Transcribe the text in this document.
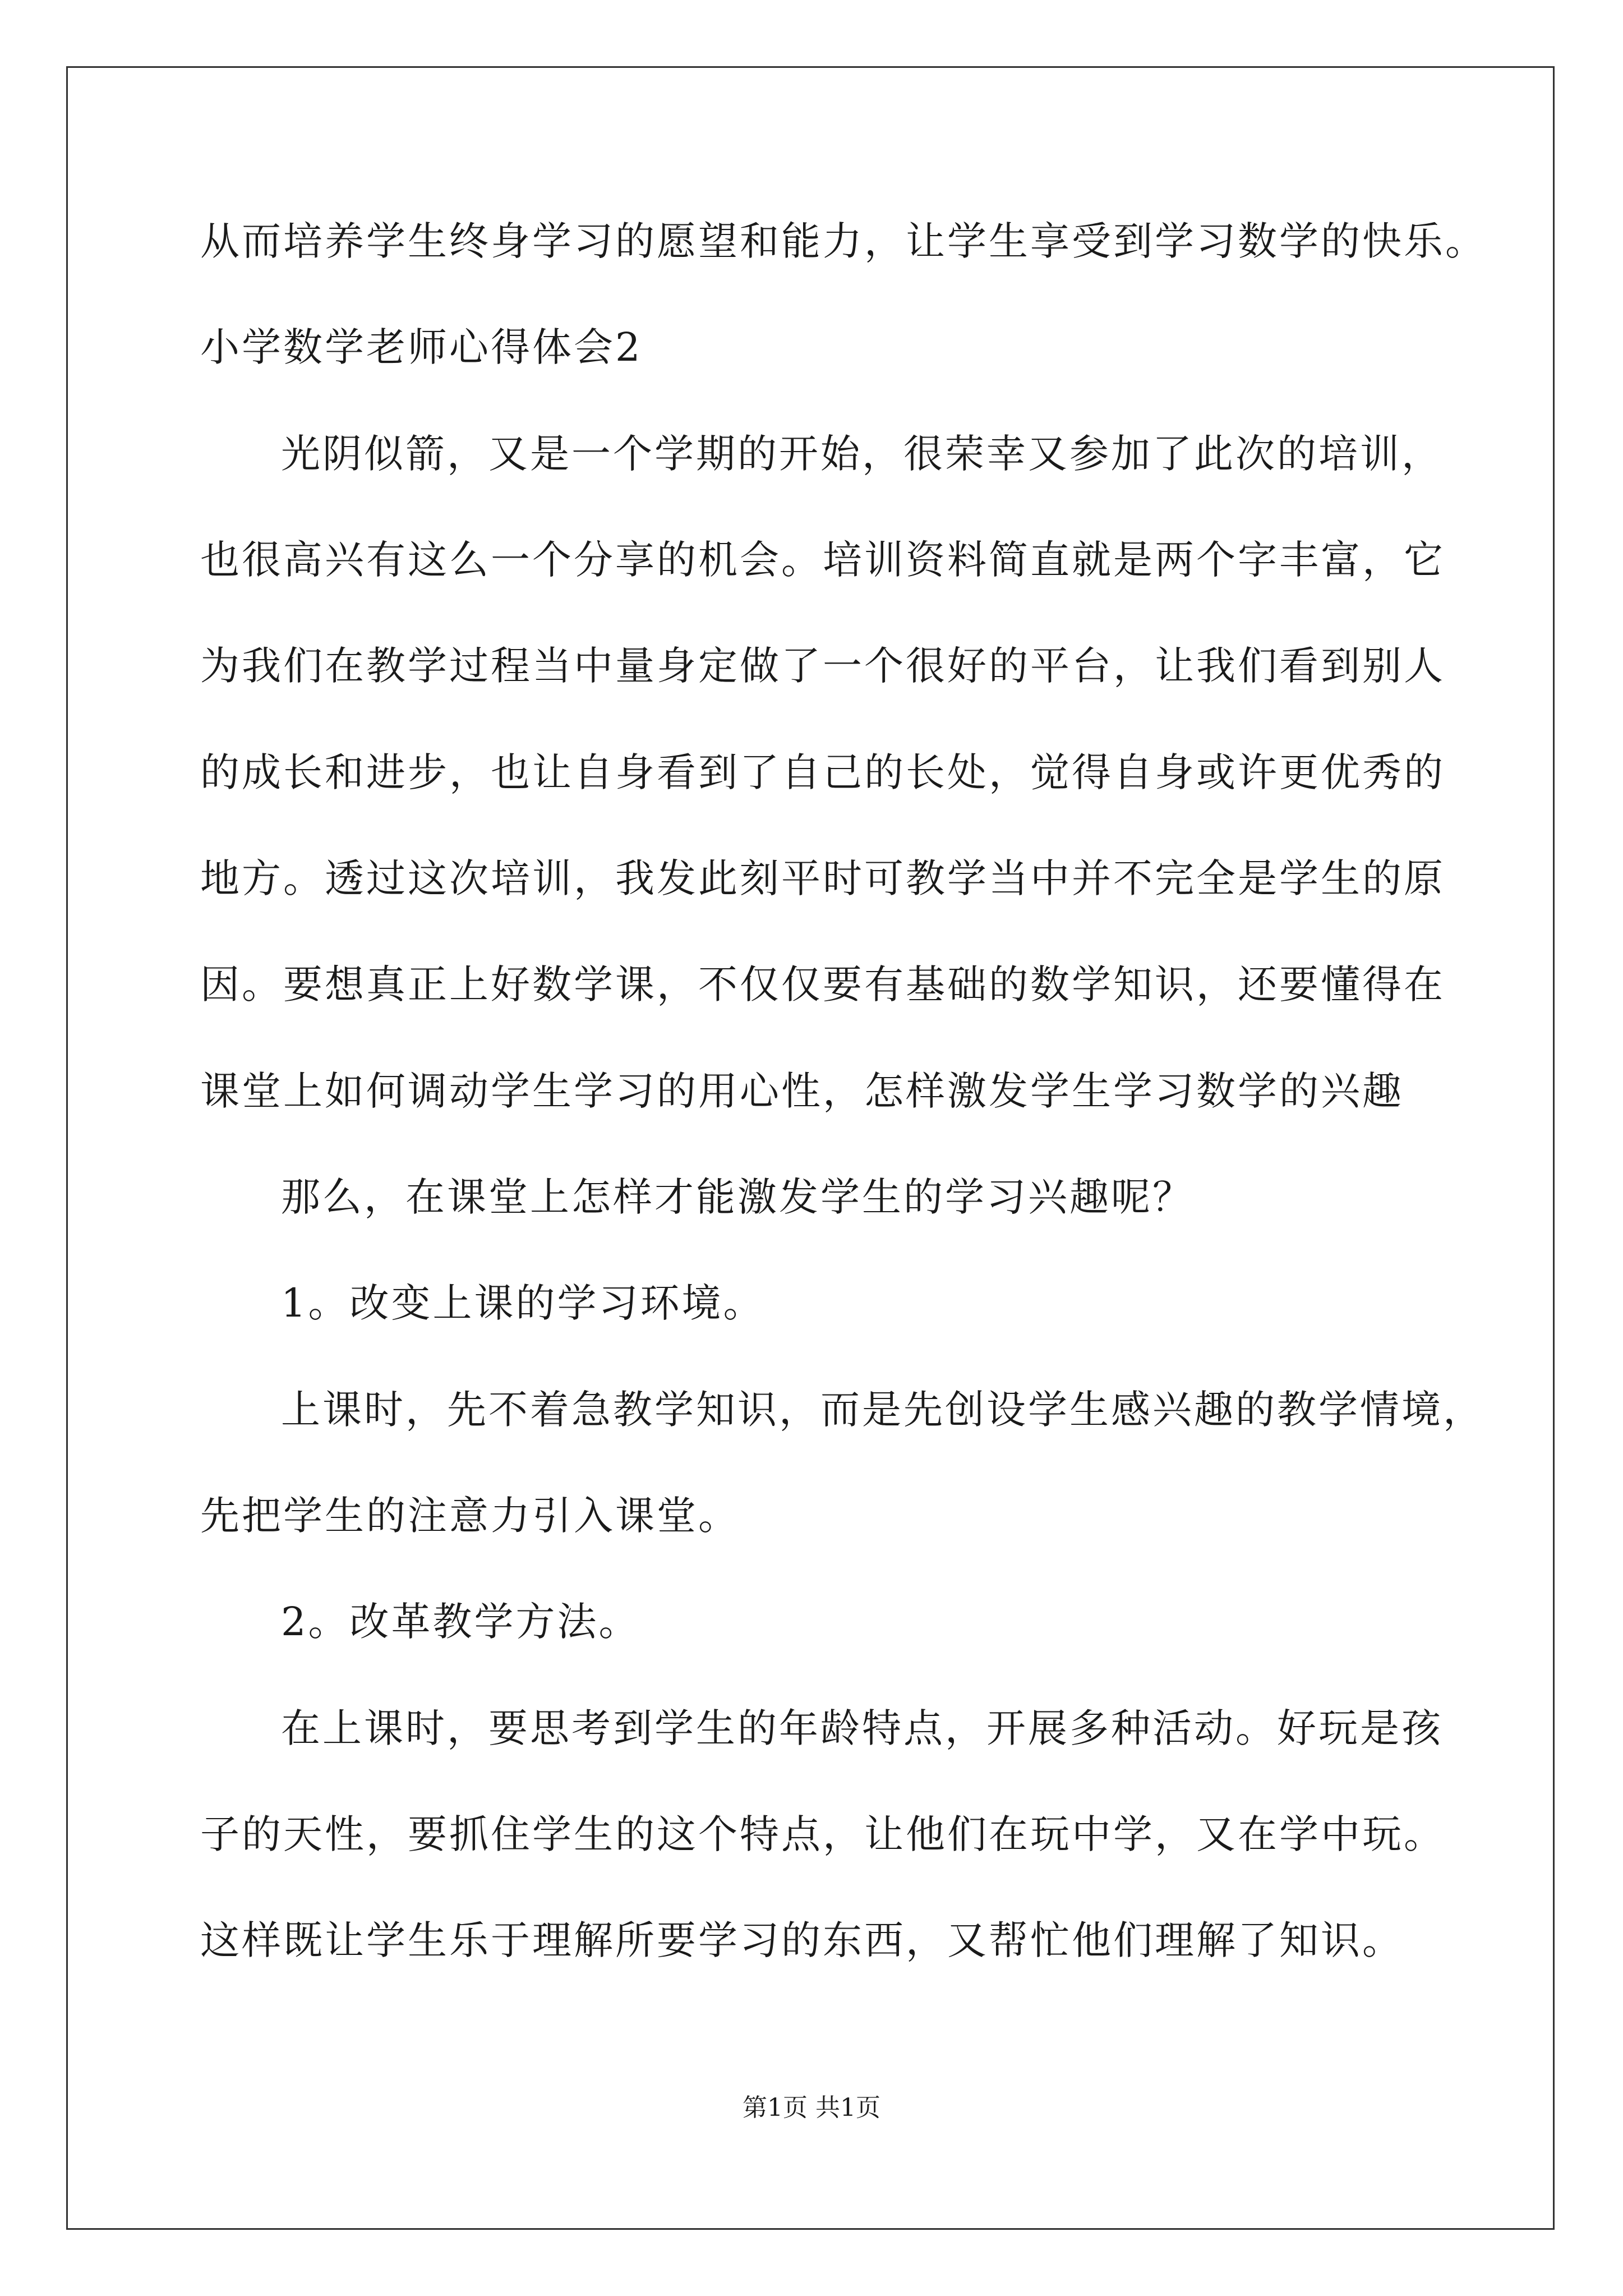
从而培养学生终身学习的愿望和能力，让学生享受到学习数学的快乐。
小学数学老师心得体会2
光阴似箭，又是一个学期的开始，很荣幸又参加了此次的培训，
也很高兴有这么一个分享的机会。培训资料简直就是两个字丰富，它
为我们在教学过程当中量身定做了一个很好的平台，让我们看到别人
的成长和进步，也让自身看到了自己的长处，觉得自身或许更优秀的
地方。透过这次培训，我发此刻平时可教学当中并不完全是学生的原
因。要想真正上好数学课，不仅仅要有基础的数学知识，还要懂得在
课堂上如何调动学生学习的用心性，怎样激发学生学习数学的兴趣
那么，在课堂上怎样才能激发学生的学习兴趣呢？
1。改变上课的学习环境。
上课时，先不着急教学知识，而是先创设学生感兴趣的教学情境，
先把学生的注意力引入课堂。
2。改革教学方法。
在上课时，要思考到学生的年龄特点，开展多种活动。好玩是孩
子的天性，要抓住学生的这个特点，让他们在玩中学，又在学中玩。
这样既让学生乐于理解所要学习的东西，又帮忙他们理解了知识。
第1页 共1页
